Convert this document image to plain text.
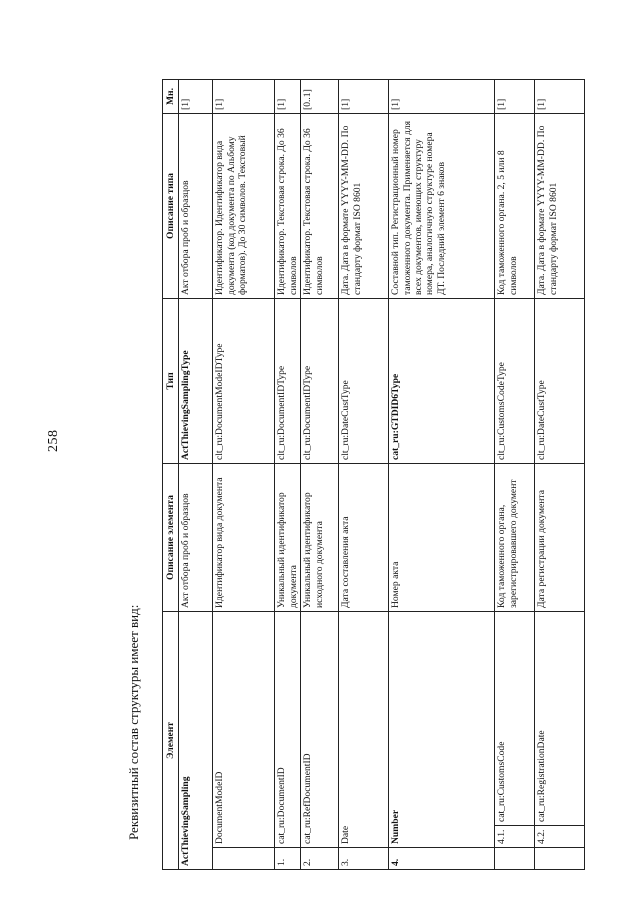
258
Реквизитный состав структуры имеет вид:	Элемент			Описание элемента	Тип	Описание типа	Мн.
ActThievingSampling			Акт отбора проб и образцов	ActThievingSamplingType	Акт отбора проб и образцов	[1]
	DocumentModeID		Идентификатор вида документа	clt_ru:DocumentModeIDType	Идентификатор. Идентификатор вида документа (код документа по Альбому форматов). До 30 символов. Текстовый	[1]
1.	cat_ru:DocumentID		Уникальный идентификатор документа	clt_ru:DocumentIDType	Идентификатор. Текстовая строка. До 36 символов	[1]
2.	cat_ru:RefDocumentID		Уникальный идентификатор исходного документа	clt_ru:DocumentIDType	Идентификатор. Текстовая строка. До 36 символов	[0..1]
3.	Date		Дата составления акта	clt_ru:DateCustType	Дата. Дата в формате YYYY-MM-DD. По стандарту формат ISO 8601	[1]
4.	Number		Номер акта	cat_ru:GTDID6Type	Составной тип. Регистрационный номер таможенного документа. Применяется для всех документов, имеющих структуру номера, аналогичную структуре номера ДТ. Последний элемент 6 знаков	[1]
	4.1.	cat_ru:CustomsCode	Код таможенного органа, зарегистрировавшего документ	clt_ru:CustomsCodeType	Код таможенного органа. 2, 5 или 8 символов	[1]
	4.2.	cat_ru:RegistrationDate	Дата регистрации документа	clt_ru:DateCustType	Дата. Дата в формате YYYY-MM-DD. По стандарту формат ISO 8601	[1]
